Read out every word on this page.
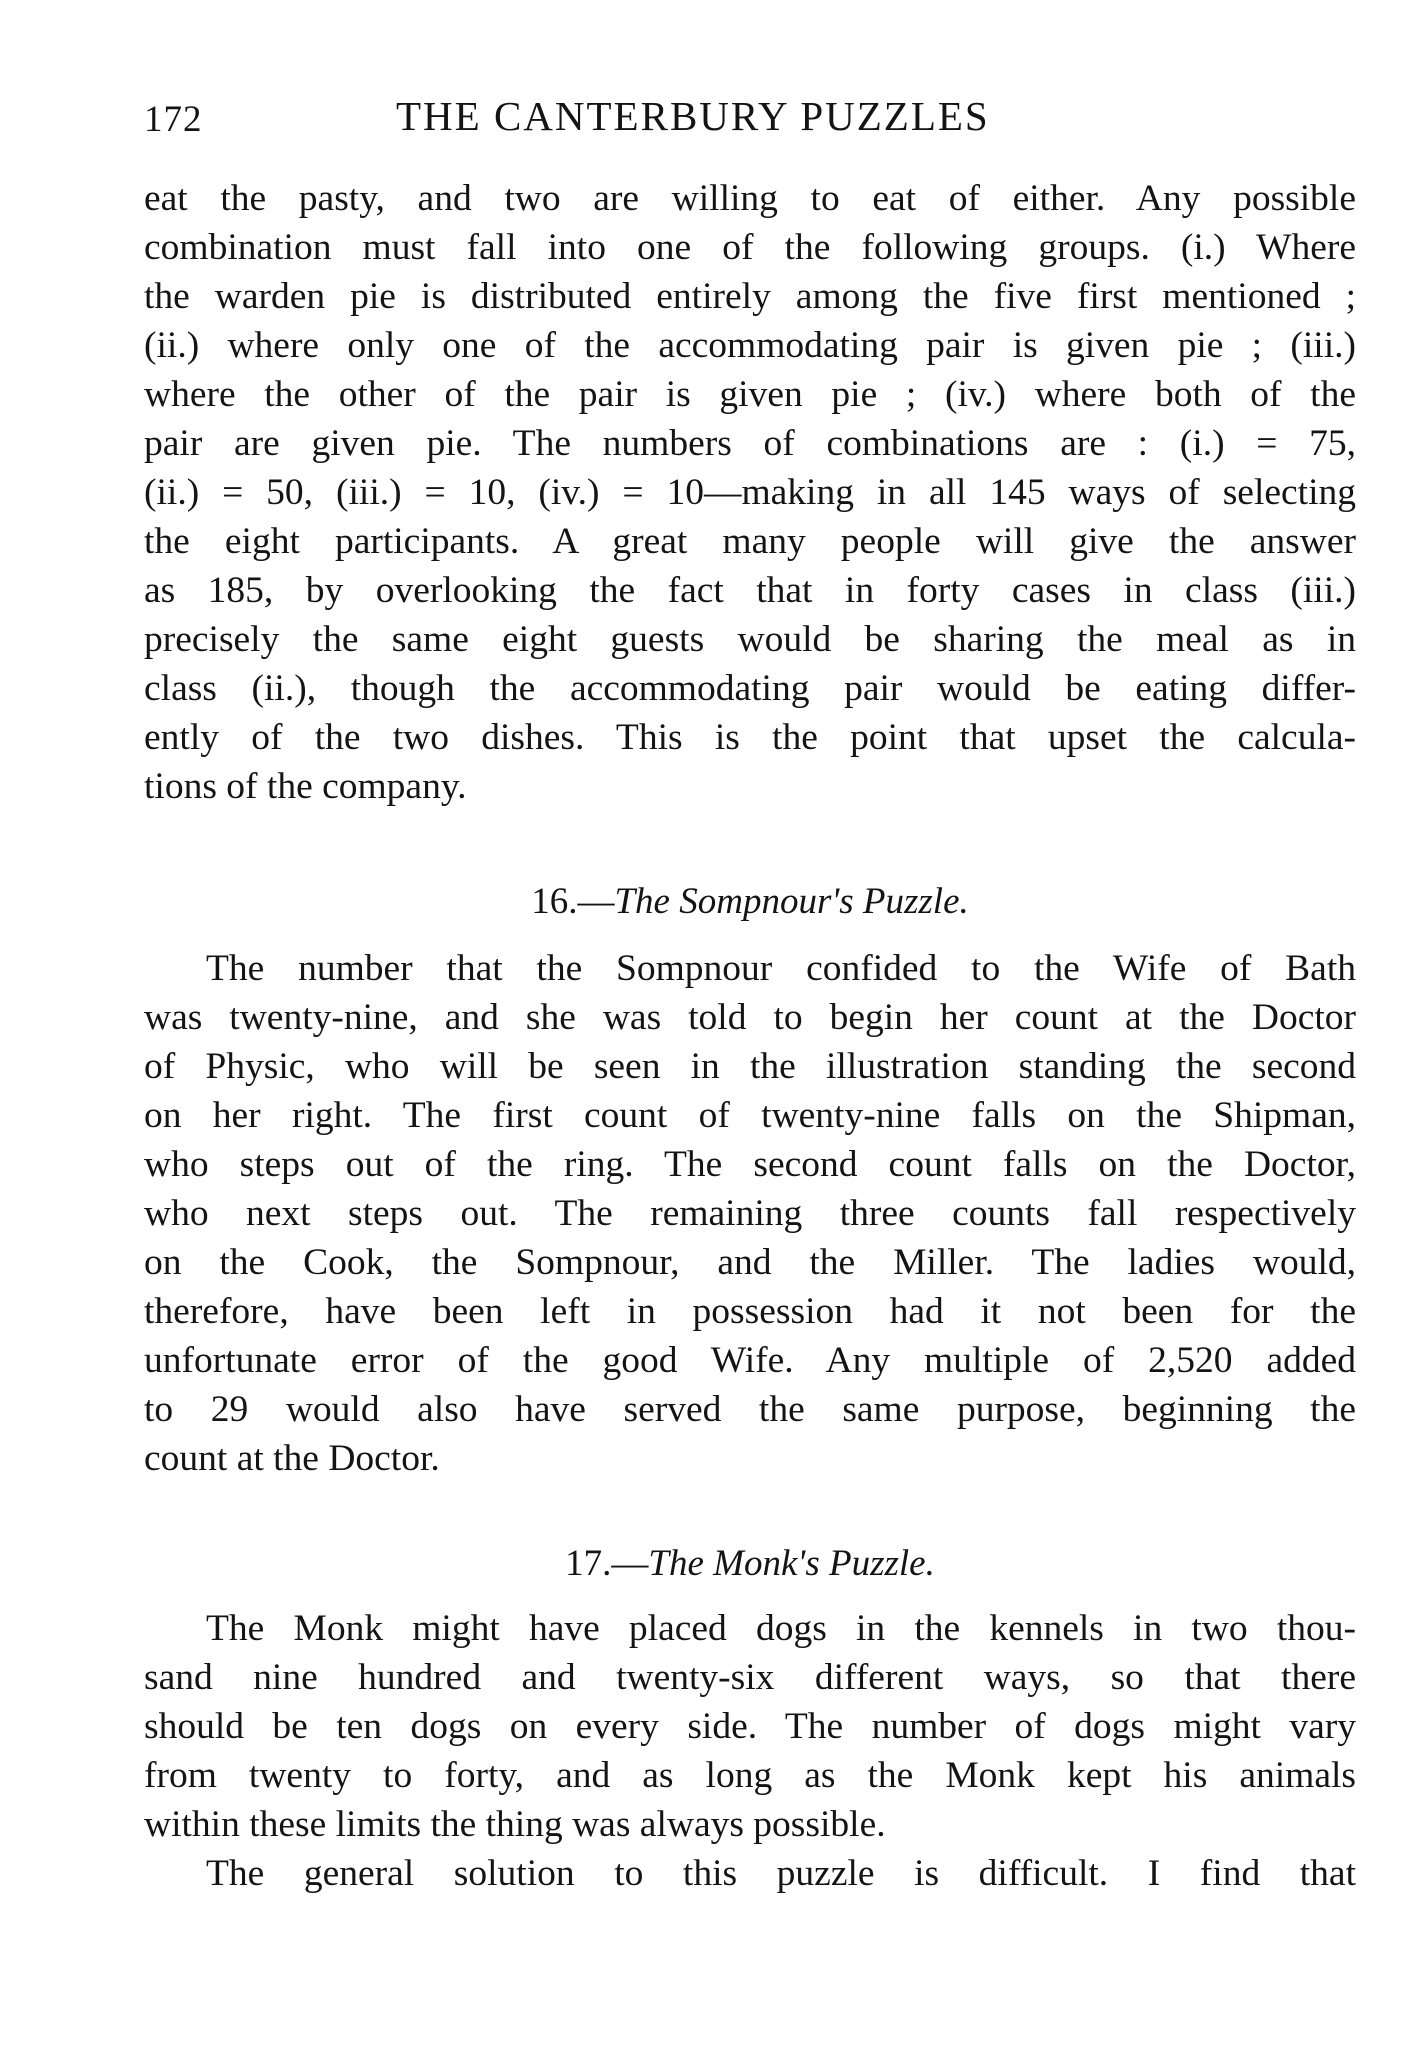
172	THE CANTERBURY PUZZLES
eat the pasty, and two are willing to eat of either. Any possible
combination must fall into one of the following groups. (i.) Where
the warden pie is distributed entirely among the five first mentioned ;
(ii.) where only one of the accommodating pair is given pie ; (iii.)
where the other of the pair is given pie ; (iv.) where both of the
pair are given pie. The numbers of combinations are : (i.) = 75,
(ii.) = 50, (iii.) = 10, (iv.) = 10—making in all 145 ways of selecting
the eight participants. A great many people will give the answer
as 185, by overlooking the fact that in forty cases in class (iii.)
precisely the same eight guests would be sharing the meal as in
class (ii.), though the accommodating pair would be eating differ-
ently of the two dishes. This is the point that upset the calcula-
tions of the company.
16.—The Sompnour's Puzzle.
The number that the Sompnour confided to the Wife of Bath
was twenty-nine, and she was told to begin her count at the Doctor
of Physic, who will be seen in the illustration standing the second
on her right. The first count of twenty-nine falls on the Shipman,
who steps out of the ring. The second count falls on the Doctor,
who next steps out. The remaining three counts fall respectively
on the Cook, the Sompnour, and the Miller. The ladies would,
therefore, have been left in possession had it not been for the
unfortunate error of the good Wife. Any multiple of 2,520 added
to 29 would also have served the same purpose, beginning the
count at the Doctor.
17.—The Monk's Puzzle.
The Monk might have placed dogs in the kennels in two thou-
sand nine hundred and twenty-six different ways, so that there
should be ten dogs on every side. The number of dogs might vary
from twenty to forty, and as long as the Monk kept his animals
within these limits the thing was always possible.
The general solution to this puzzle is difficult. I find that
